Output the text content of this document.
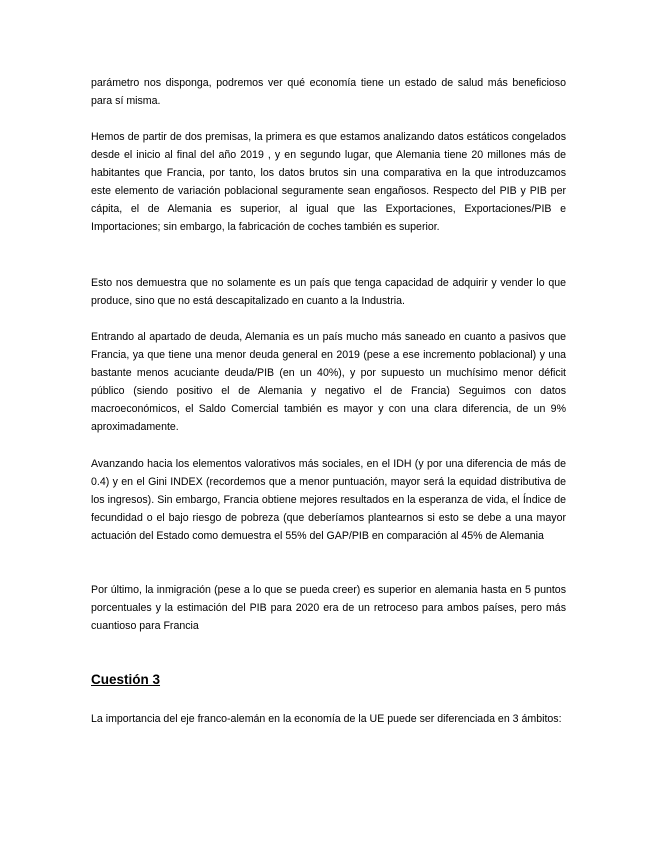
parámetro nos disponga, podremos ver qué economía tiene un estado de salud más beneficioso para sí misma.

Hemos de partir de dos premisas, la primera es que estamos analizando datos estáticos congelados desde el inicio al final del año 2019 , y en segundo lugar, que Alemania tiene 20 millones más de habitantes que Francia, por tanto, los datos brutos sin una comparativa en la que introduzcamos este elemento de variación poblacional seguramente sean engañosos. Respecto del PIB y PIB per cápita, el de Alemania es superior, al igual que las Exportaciones, Exportaciones/PIB e Importaciones; sin embargo, la fabricación de coches también es superior.

Esto nos demuestra que no solamente es un país que tenga capacidad de adquirir y vender lo que produce, sino que no está descapitalizado en cuanto a la Industria.

Entrando al apartado de deuda, Alemania es un país mucho más saneado en cuanto a pasivos que Francia, ya que tiene una menor deuda general en 2019 (pese a ese incremento poblacional) y una bastante menos acuciante deuda/PIB (en un 40%), y por supuesto un muchísimo menor déficit público (siendo positivo el de Alemania y negativo el de Francia) Seguimos con datos macroeconómicos, el Saldo Comercial también es mayor y con una clara diferencia, de un 9% aproximadamente.

Avanzando hacia los elementos valorativos más sociales, en el IDH (y por una diferencia de más de 0.4) y en el Gini INDEX (recordemos que a menor puntuación, mayor será la equidad distributiva de los ingresos). Sin embargo, Francia obtiene mejores resultados en la esperanza de vida, el Índice de fecundidad o el bajo riesgo de pobreza (que deberíamos plantearnos si esto se debe a una mayor actuación del Estado como demuestra el 55% del GAP/PIB en comparación al 45% de Alemania

Por último, la inmigración (pese a lo que se pueda creer) es superior en alemania hasta en 5 puntos porcentuales y la estimación del PIB para 2020 era de un retroceso para ambos países, pero más cuantioso para Francia

Cuestión 3

La importancia del eje franco-alemán en la economía de la UE puede ser diferenciada en 3 ámbitos:
